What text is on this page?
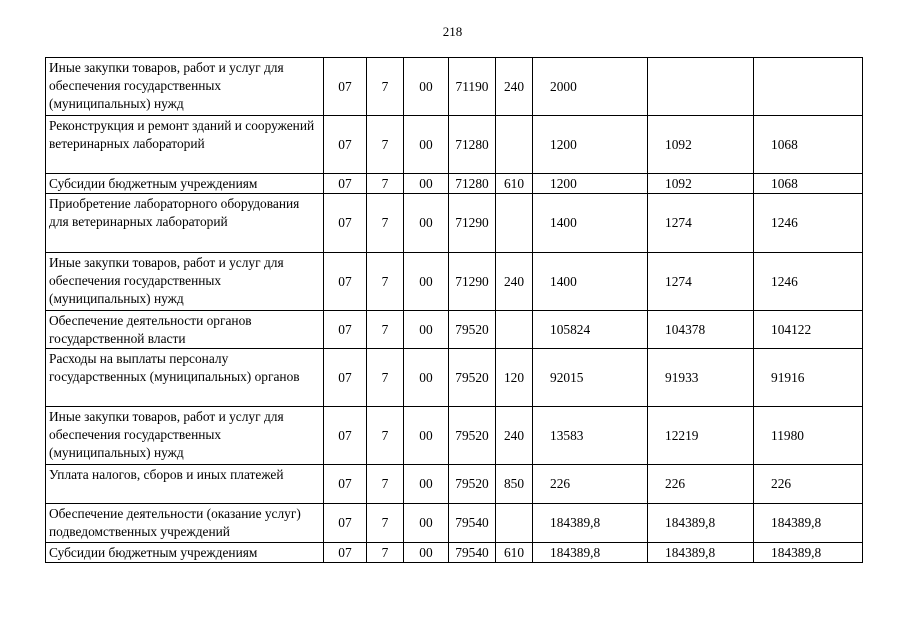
218
Иные закупки товаров, работ и услуг для обеспечения государственных (муниципальных) нужд	07	7	00	71190	240	2000		
Реконструкция и ремонт зданий и сооружений ветеринарных лабораторий	07	7	00	71280		1200	1092	1068
Субсидии бюджетным учреждениям	07	7	00	71280	610	1200	1092	1068
Приобретение лабораторного оборудования для ветеринарных лабораторий	07	7	00	71290		1400	1274	1246
Иные закупки товаров, работ и услуг для обеспечения государственных (муниципальных) нужд	07	7	00	71290	240	1400	1274	1246
Обеспечение деятельности органов государственной власти	07	7	00	79520		105824	104378	104122
Расходы на выплаты персоналу государственных (муниципальных) органов	07	7	00	79520	120	92015	91933	91916
Иные закупки товаров, работ и услуг для обеспечения государственных (муниципальных) нужд	07	7	00	79520	240	13583	12219	11980
Уплата налогов, сборов и иных платежей	07	7	00	79520	850	226	226	226
Обеспечение деятельности (оказание услуг) подведомственных учреждений	07	7	00	79540		184389,8	184389,8	184389,8
Субсидии бюджетным учреждениям	07	7	00	79540	610	184389,8	184389,8	184389,8
